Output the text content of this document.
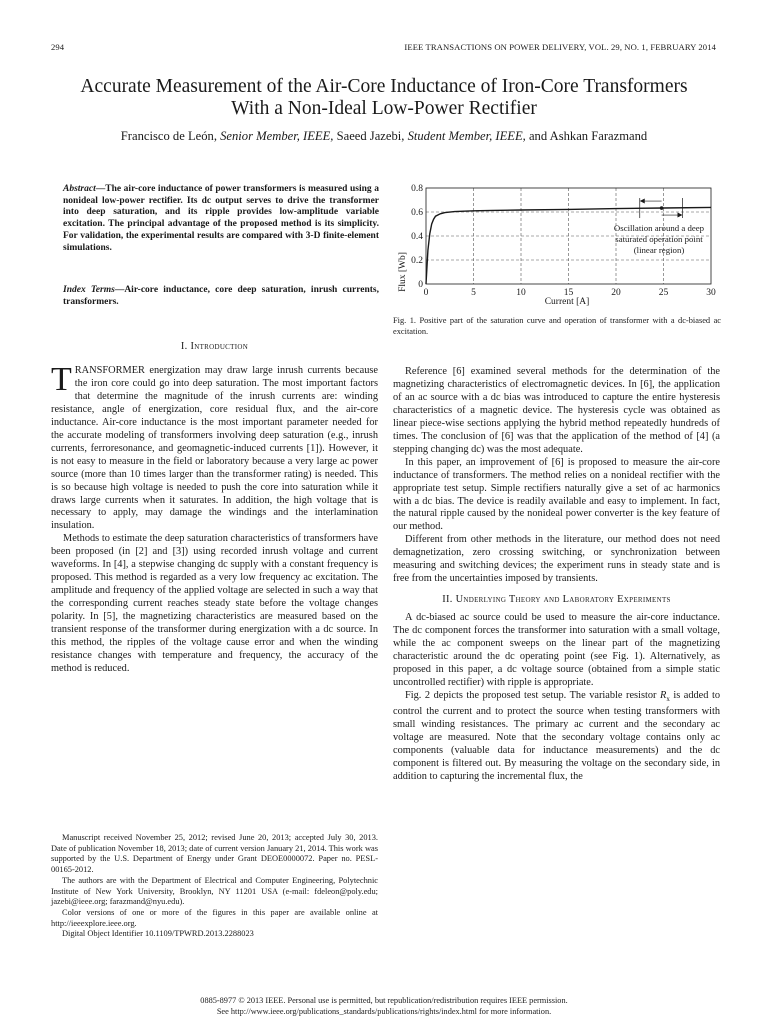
294	IEEE TRANSACTIONS ON POWER DELIVERY, VOL. 29, NO. 1, FEBRUARY 2014
Accurate Measurement of the Air-Core Inductance of Iron-Core Transformers
With a Non-Ideal Low-Power Rectifier
Francisco de León, Senior Member, IEEE, Saeed Jazebi, Student Member, IEEE, and Ashkan Farazmand
Abstract—The air-core inductance of power transformers is measured using a nonideal low-power rectifier. Its dc output serves to drive the transformer into deep saturation, and its ripple provides low-amplitude variable excitation. The principal advantage of the proposed method is its simplicity. For validation, the experimental results are compared with 3-D finite-element simulations.
Index Terms—Air-core inductance, core deep saturation, inrush currents, transformers.
I. Introduction

TRANSFORMER energization may draw large inrush currents because the iron core could go into deep saturation. The most important factors that determine the magnitude of the inrush currents are: winding resistance, angle of energization, core residual flux, and the air-core inductance. Air-core inductance is the most important parameter needed for the accurate modeling of transformers involving deep saturation (e.g., inrush currents, ferroresonance, and geomagnetic-induced currents [1]). However, it is not easy to measure in the field or laboratory because a very large ac power source (more than 10 times larger than the transformer rating) is needed. This is so because high voltage is needed to push the core into saturation while it draws large currents when it saturates. In addition, the high voltage that is necessary to apply, may damage the windings and the interlamination insulation.

Methods to estimate the deep saturation characteristics of transformers have been proposed (in [2] and [3]) using recorded inrush voltage and current waveforms. In [4], a stepwise changing dc supply with a constant frequency is proposed. This method is regarded as a very low frequency ac excitation. The amplitude and frequency of the applied voltage are selected in such a way that the corresponding current reaches steady state before the voltage changes polarity. In [5], the magnetizing characteristics are measured based on the transient response of the transformer during energization with a dc source. In this method, the ripples of the voltage cause error and when the winding resistance changes with temperature and frequency, the accuracy of the method is reduced.

Manuscript received November 25, 2012; revised June 20, 2013; accepted July 30, 2013. Date of publication November 18, 2013; date of current version January 21, 2014. This work was supported by the U.S. Department of Energy under Grant DEOE0000072. Paper no. PESL-00165-2012.

The authors are with the Department of Electrical and Computer Engineering, Polytechnic Institute of New York University, Brooklyn, NY 11201 USA (e-mail: fdeleon@poly.edu; jazebi@ieee.org; farazmand@nyu.edu).

Color versions of one or more of the figures in this paper are available online at http://ieeexplore.ieee.org.

Digital Object Identifier 10.1109/TPWRD.2013.2288023

0	5	10	15	20	25	30
0
0.2
0.4
0.6
0.8
Flux [Wb]
Current [A]
Oscillation around a deep
saturated operation point
(linear region)
Fig. 1. Positive part of the saturation curve and operation of transformer with a dc-biased ac excitation.

Reference [6] examined several methods for the determination of the magnetizing characteristics of electromagnetic devices. In [6], the application of an ac source with a dc bias was introduced to capture the entire hysteresis characteristics of a magnetic device. The hysteresis cycle was obtained as linear piece-wise sections applying the hybrid method repeatedly hundreds of times. The conclusion of [6] was that the application of the method of [4] (a stepping changing dc) was the most adequate.

In this paper, an improvement of [6] is proposed to measure the air-core inductance of transformers. The method relies on a nonideal rectifier with the appropriate test setup. Simple rectifiers naturally give a set of ac harmonics with a dc bias. The device is readily available and easy to implement. In fact, the natural ripple caused by the nonideal power converter is the key feature of our method.

Different from other methods in the literature, our method does not need demagnetization, zero crossing switching, or synchronization between measuring and switching devices; the experiment runs in steady state and is free from the uncertainties imposed by transients.

II. Underlying Theory and Laboratory Experiments

A dc-biased ac source could be used to measure the air-core inductance. The dc component forces the transformer into saturation with a small voltage, while the ac component sweeps on the linear part of the magnetizing characteristic around the dc operating point (see Fig. 1). Alternatively, as proposed in this paper, a dc voltage source (obtained from a simple static uncontrolled rectifier) with ripple is appropriate.

Fig. 2 depicts the proposed test setup. The variable resistor $R_x$ is added to control the current and to protect the source when testing transformers with small winding resistances. The primary ac current and the secondary ac voltage are measured. Note that the secondary voltage contains only ac components (valuable data for inductance measurements) and the dc component is filtered out. By measuring the voltage on the secondary side, in addition to capturing the incremental flux, the

0885-8977 © 2013 IEEE. Personal use is permitted, but republication/redistribution requires IEEE permission.
See http://www.ieee.org/publications_standards/publications/rights/index.html for more information.
